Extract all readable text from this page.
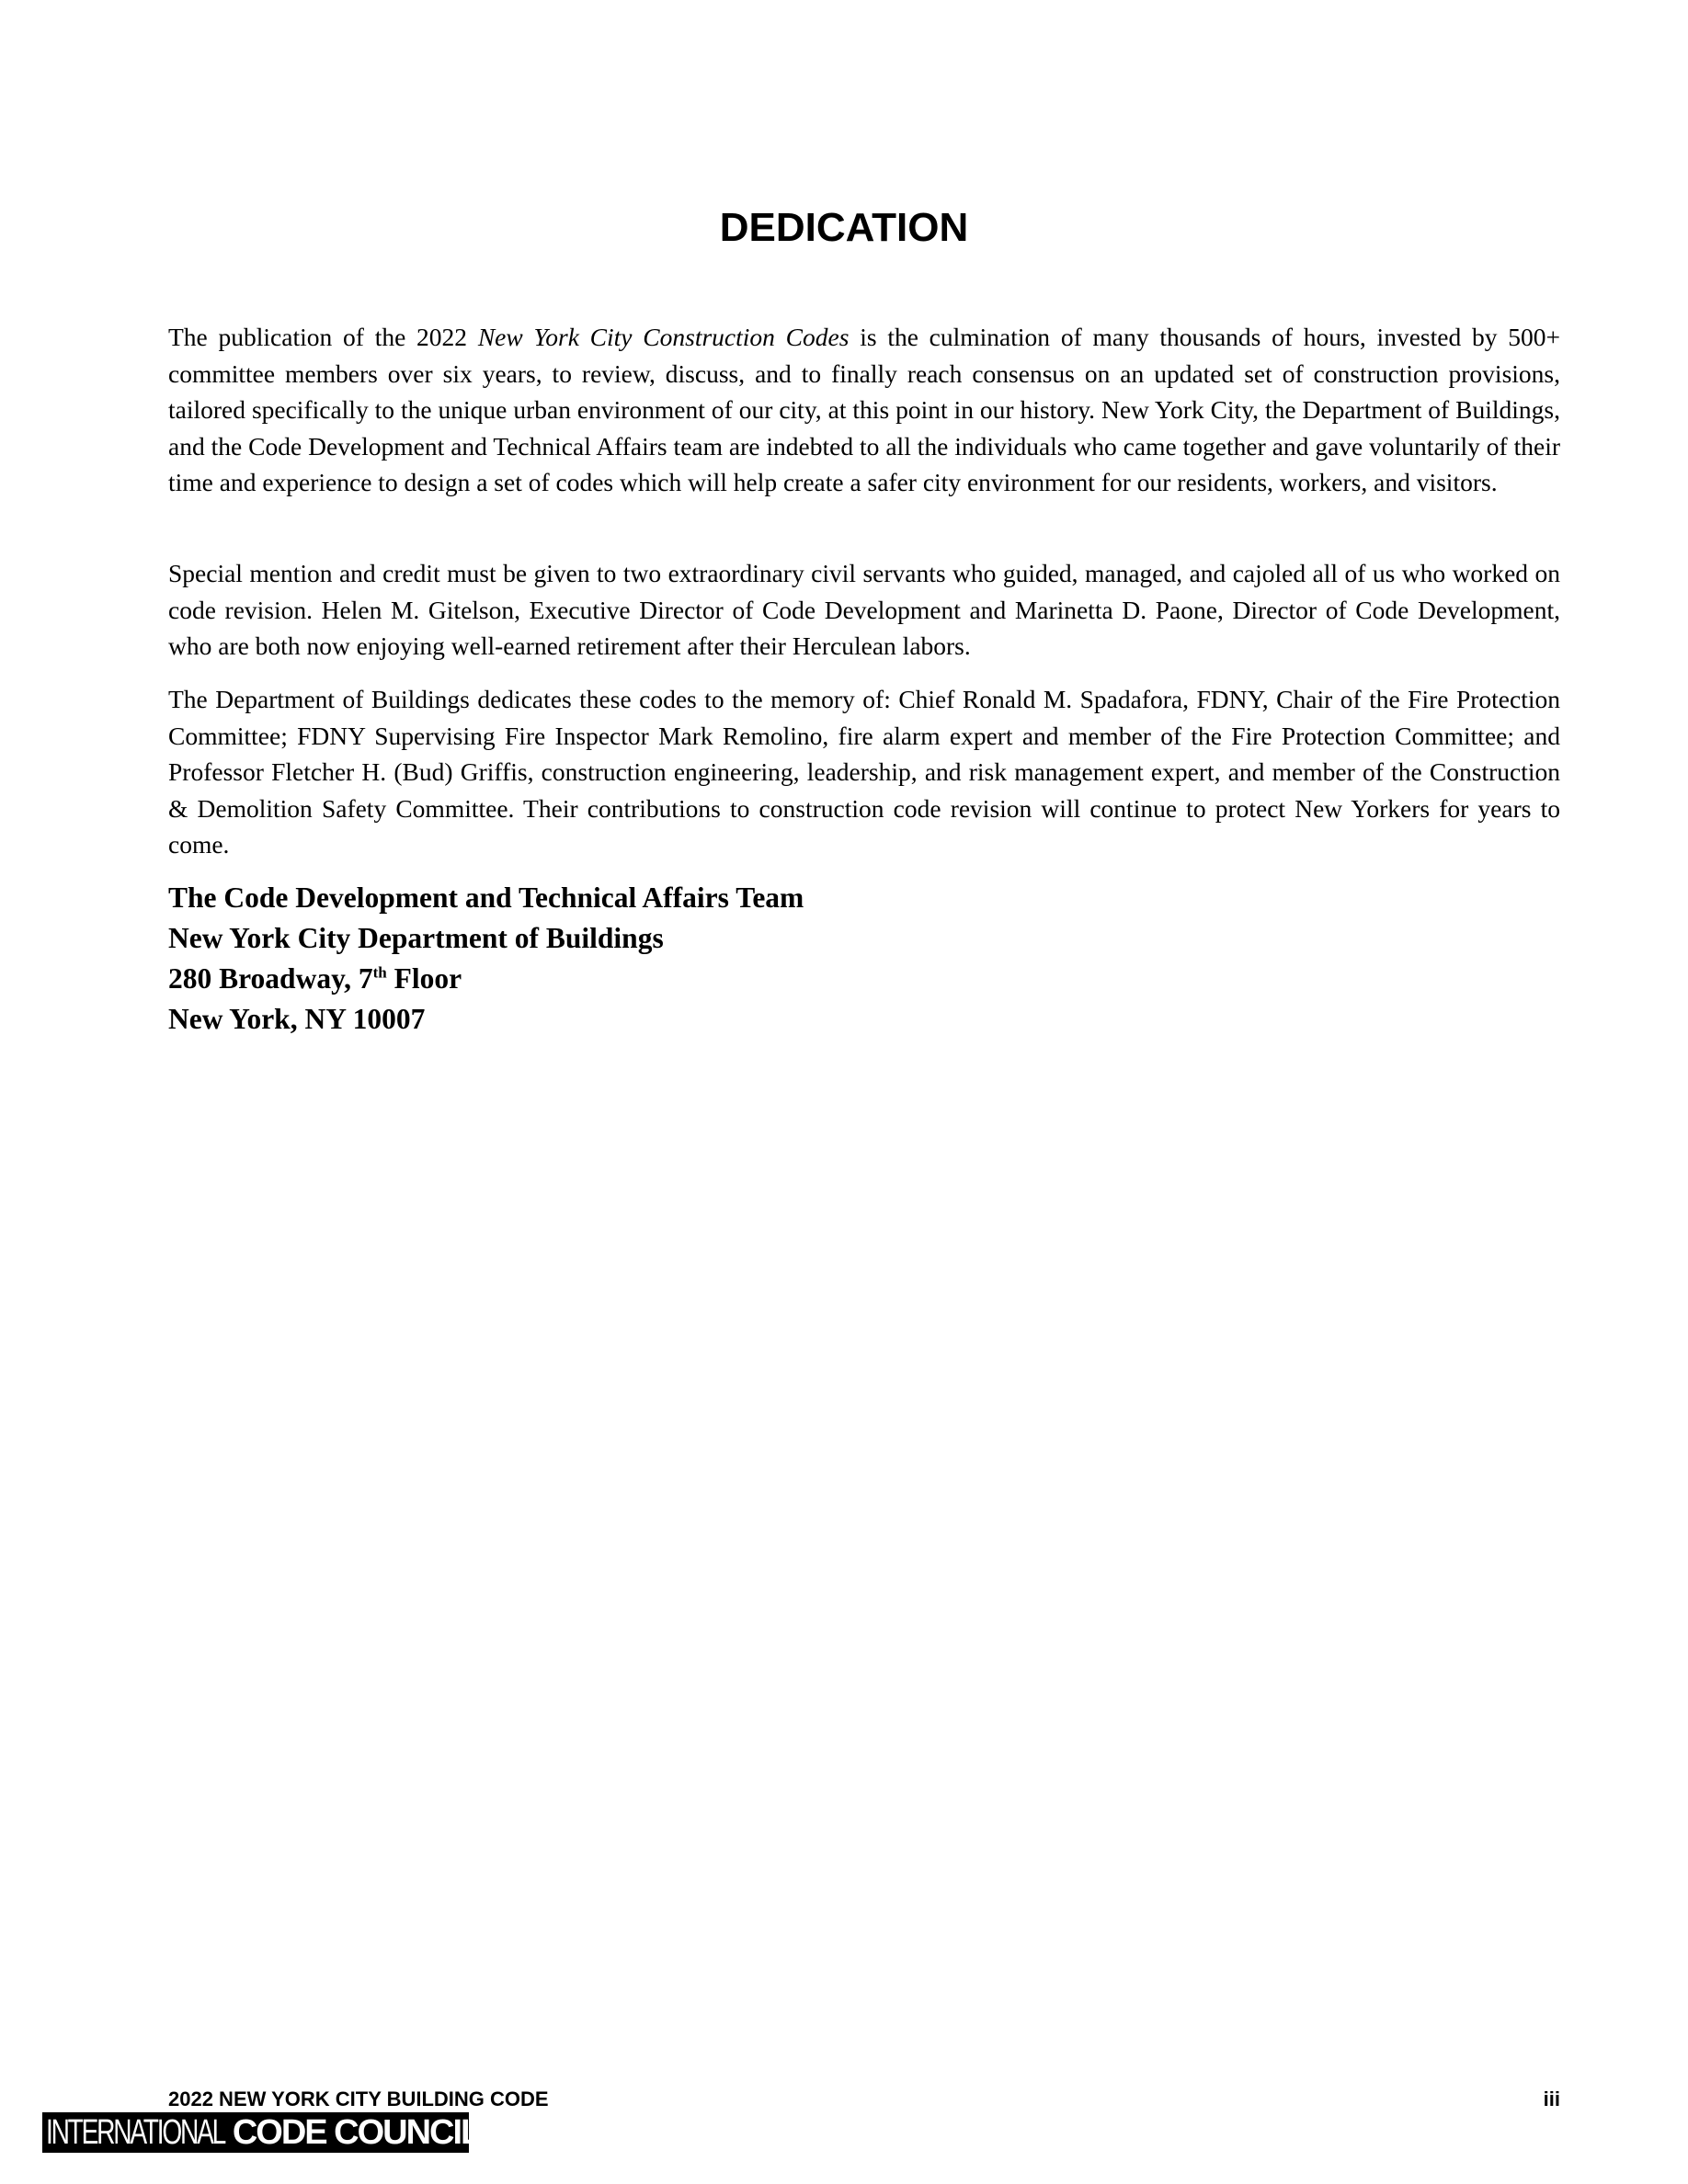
DEDICATION

The publication of the 2022 New York City Construction Codes is the culmination of many thousands of hours, invested by 500+ committee members over six years, to review, discuss, and to finally reach consensus on an updated set of construction provisions, tailored specifically to the unique urban environment of our city, at this point in our history. New York City, the Department of Buildings, and the Code Development and Technical Affairs team are indebted to all the individuals who came together and gave voluntarily of their time and experience to design a set of codes which will help create a safer city environment for our residents, workers, and visitors.

Special mention and credit must be given to two extraordinary civil servants who guided, managed, and cajoled all of us who worked on code revision. Helen M. Gitelson, Executive Director of Code Development and Marinetta D. Paone, Director of Code Development, who are both now enjoying well-earned retirement after their Herculean labors.

The Department of Buildings dedicates these codes to the memory of: Chief Ronald M. Spadafora, FDNY, Chair of the Fire Protection Committee; FDNY Supervising Fire Inspector Mark Remolino, fire alarm expert and member of the Fire Protection Committee; and Professor Fletcher H. (Bud) Griffis, construction engineering, leadership, and risk management expert, and member of the Construction & Demolition Safety Committee. Their contributions to construction code revision will continue to protect New Yorkers for years to come.

The Code Development and Technical Affairs Team
New York City Department of Buildings
280 Broadway, 7th Floor
New York, NY 10007
2022 NEW YORK CITY BUILDING CODE	iii
INTERNATIONAL CODE COUNCIL®
